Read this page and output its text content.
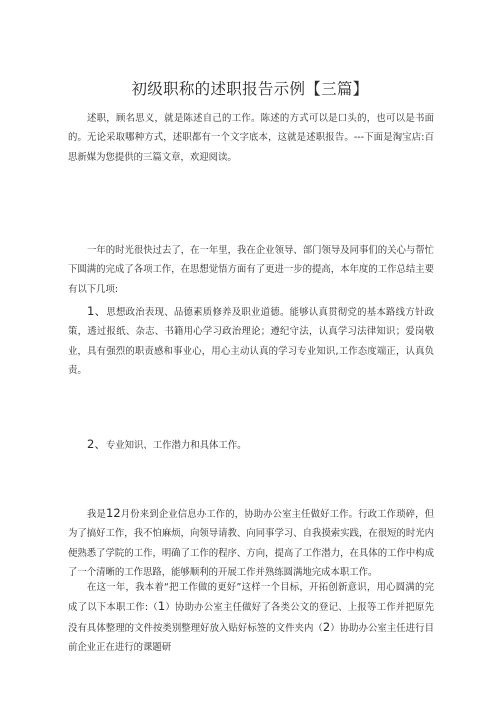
初级职称的述职报告示例【三篇】
述职，顾名思义，就是陈述自己的工作。陈述的方式可以是口头的，也可以是书面的。无论采取哪种方式，述职都有一个文字底本，这就是述职报告。---下面是淘宝店:百思新媒为您提供的三篇文章，欢迎阅读。
一年的时光很快过去了，在一年里，我在企业领导、部门领导及同事们的关心与帮忙下圆满的完成了各项工作，在思想觉悟方面有了更进一步的提高，本年度的工作总结主要有以下几项:
1、思想政治表现、品德素质修养及职业道德。能够认真贯彻党的基本路线方针政策，透过报纸、杂志、书籍用心学习政治理论；遵纪守法，认真学习法律知识；爱岗敬业，具有强烈的职责感和事业心，用心主动认真的学习专业知识,工作态度端正，认真负责。
2、专业知识、工作潜力和具体工作。
我是12月份来到企业信息办工作的，协助办公室主任做好工作。行政工作琐碎，但为了搞好工作，我不怕麻烦，向领导请教、向同事学习、自我摸索实践，在很短的时光内便熟悉了学院的工作，明确了工作的程序、方向，提高了工作潜力，在具体的工作中构成了一个清晰的工作思路，能够顺利的开展工作并熟练圆满地完成本职工作。
在这一年，我本着“把工作做的更好”这样一个目标，开拓创新意识，用心圆满的完成了以下本职工作:（1）协助办公室主任做好了各类公文的登记、上报等工作并把原先没有具体整理的文件按类别整理好放入贴好标签的文件夹内（2）协助办公室主任进行目前企业正在进行的课题研
